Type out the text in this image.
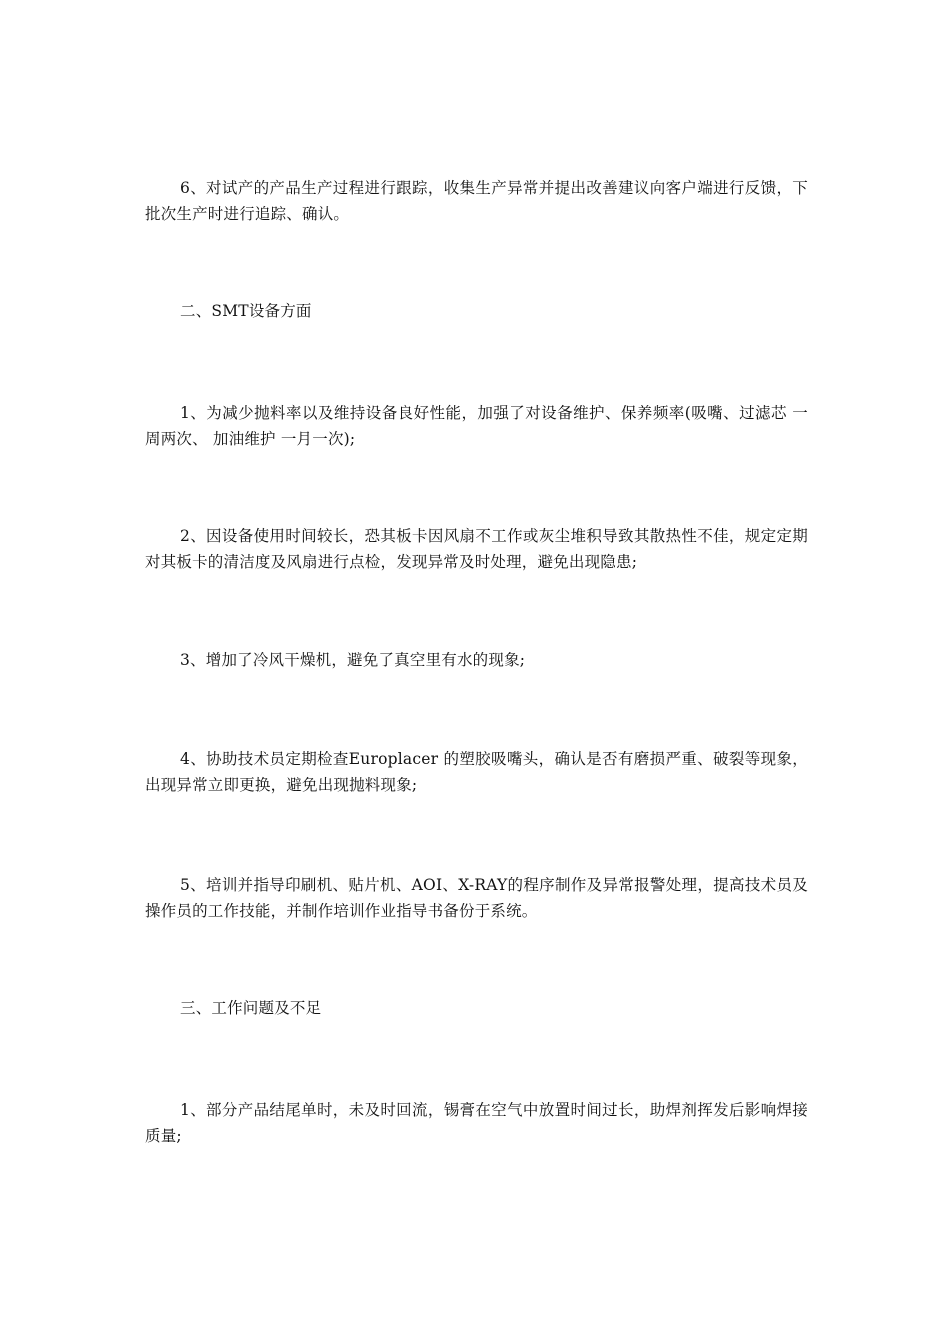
6、对试产的产品生产过程进行跟踪，收集生产异常并提出改善建议向客户端进行反馈，下批次生产时进行追踪、确认。

二、SMT设备方面

1、为减少抛料率以及维持设备良好性能，加强了对设备维护、保养频率(吸嘴、过滤芯 一周两次、 加油维护 一月一次);

2、因设备使用时间较长，恐其板卡因风扇不工作或灰尘堆积导致其散热性不佳，规定定期对其板卡的清洁度及风扇进行点检，发现异常及时处理，避免出现隐患;

3、增加了冷风干燥机，避免了真空里有水的现象;

4、协助技术员定期检查Europlacer 的塑胶吸嘴头，确认是否有磨损严重、破裂等现象，出现异常立即更换，避免出现抛料现象;

5、培训并指导印刷机、贴片机、AOI、X-RAY的程序制作及异常报警处理，提高技术员及操作员的工作技能，并制作培训作业指导书备份于系统。

三、工作问题及不足

1、部分产品结尾单时，未及时回流，锡膏在空气中放置时间过长，助焊剂挥发后影响焊接质量;
